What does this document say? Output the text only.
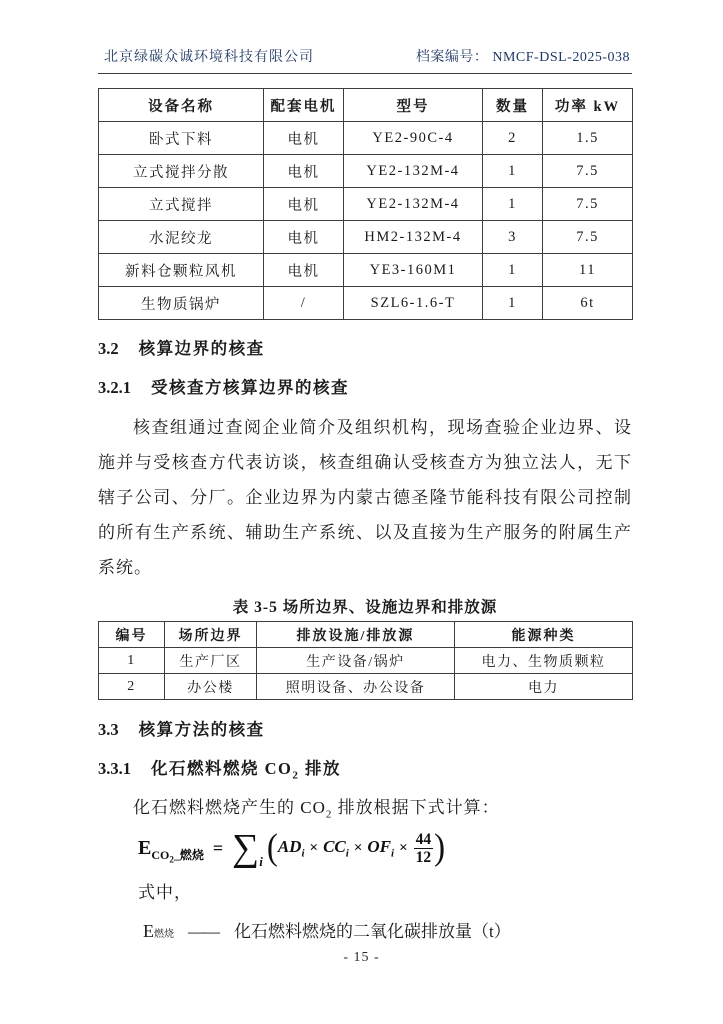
北京绿碳众诚环境科技有限公司	档案编号： NMCF-DSL-2025-038
设备名称	配套电机	型号	数量	功率 kW
卧式下料	电机	YE2-90C-4	2	1.5
立式搅拌分散	电机	YE2-132M-4	1	7.5
立式搅拌	电机	YE2-132M-4	1	7.5
水泥绞龙	电机	HM2-132M-4	3	7.5
新料仓颗粒风机	电机	YE3-160M1	1	11
生物质锅炉	/	SZL6-1.6-T	1	6t
3.2 核算边界的核查
3.2.1 受核查方核算边界的核查
核查组通过查阅企业简介及组织机构，现场查验企业边界、设
施并与受核查方代表访谈，核查组确认受核查方为独立法人，无下
辖子公司、分厂。企业边界为内蒙古德圣隆节能科技有限公司控制
的所有生产系统、辅助生产系统、以及直接为生产服务的附属生产
系统。
表 3-5 场所边界、设施边界和排放源
编号	场所边界	排放设施/排放源	能源种类
1	生产厂区	生产设备/锅炉	电力、生物质颗粒
2	办公楼	照明设备、办公设备	电力
3.3 核算方法的核查
3.3.1 化石燃料燃烧 $CO_2$ 排放
化石燃料燃烧产生的 $CO_2$ 排放根据下式计算：
E $CO_2\_$燃烧 = ∑ i ( $AD_i \times CC_i \times OF_i \times \frac{44}{12}$ )
式中，
E 燃烧 —— 化石燃料燃烧的二氧化碳排放量（t）
- 15 -
